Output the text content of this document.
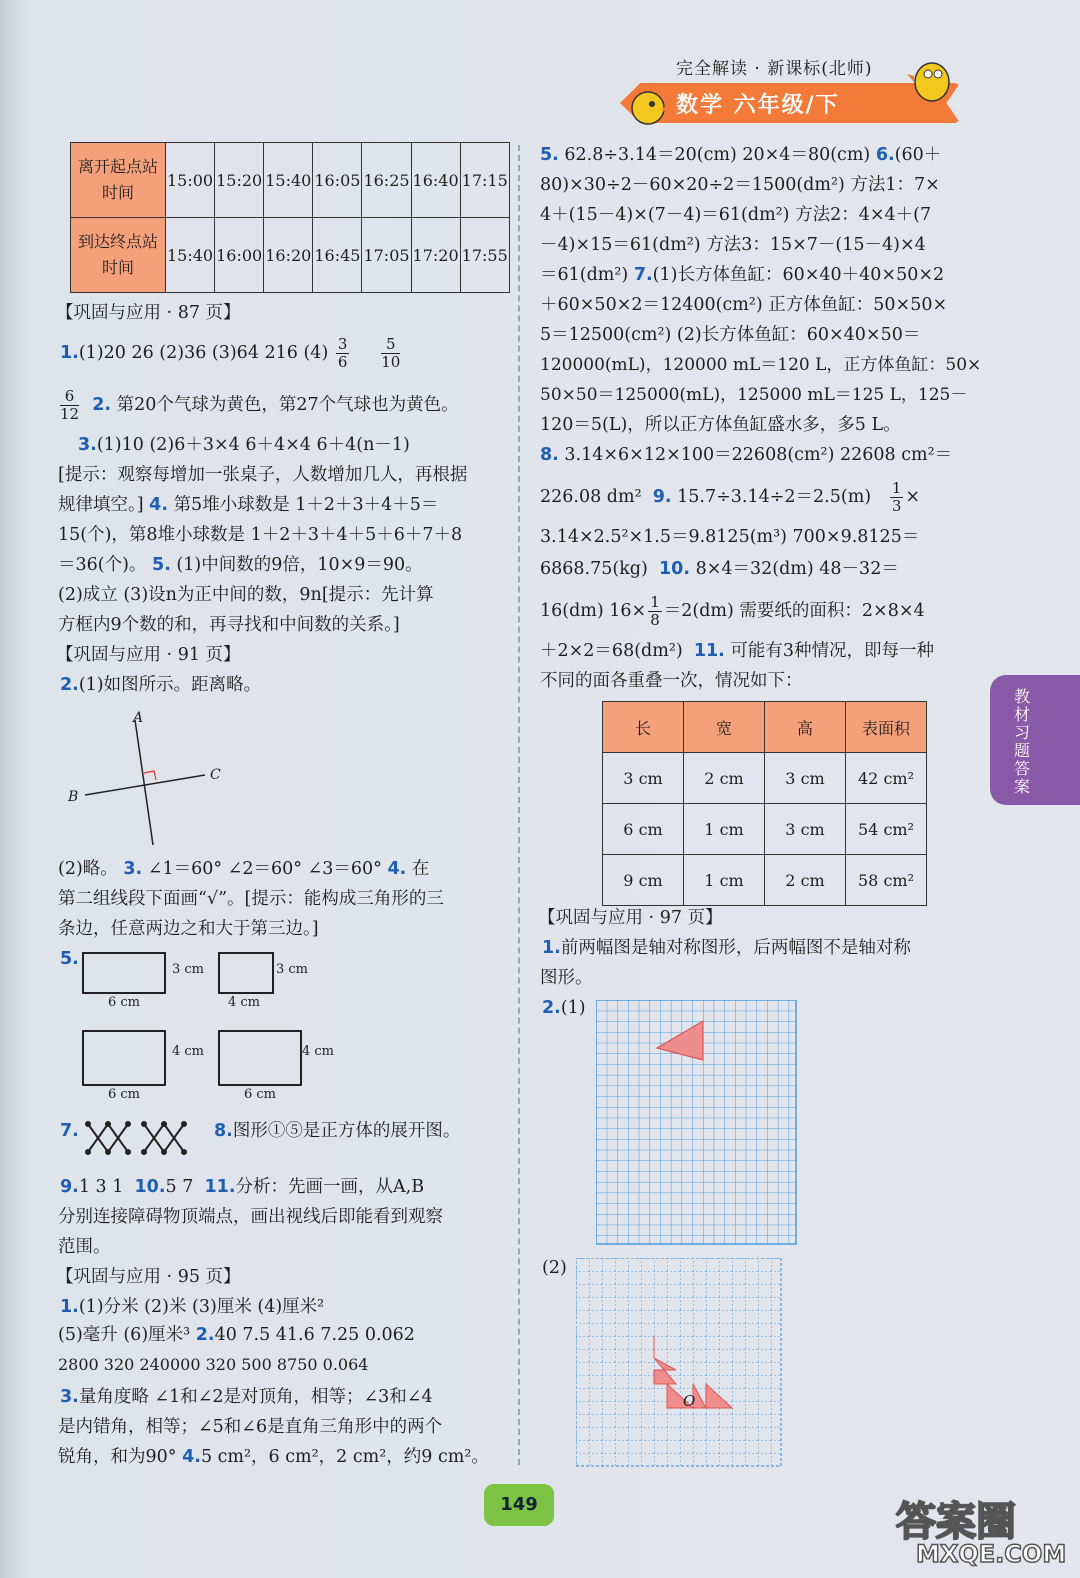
完全解读 · 新课标(北师)
数学 六年级/下
教材习题答案
离开起点站时间	15:00	15:20	15:40	16:05	16:25	16:40	17:15
到达终点站时间	15:40	16:00	16:20	16:45	17:05	17:20	17:55
【巩固与应用 · 87 页】
1.(1)20 26 (2)36 (3)64 216 $(4) \frac{3}{6}$
$\frac{5}{10}$
$\frac{6}{12} 2$. 第20个气球为黄色，第27个气球也为黄色。
3.(1)10 (2)6＋3×4 6＋4×4 6＋4(n－1)
[提示：观察每增加一张桌子，人数增加几人，再根据
规律填空。] 4. 第5堆小球数是 1＋2＋3＋4＋5＝
15(个)，第8堆小球数是 1＋2＋3＋4＋5＋6＋7＋8
＝36(个)。 5. (1)中间数的9倍，10×9＝90。
(2)成立 (3)设n为正中间的数，9n[提示：先计算
方框内9个数的和，再寻找和中间数的关系。]
【巩固与应用 · 91 页】
2.(1)如图所示。距离略。
A
B
C
(2)略。 3. ∠1＝60° ∠2＝60° ∠3＝60° 4. 在
第二组线段下面画“√”。[提示：能构成三角形的三
条边，任意两边之和大于第三边。]
5.
3 cm
6 cm
3 cm
4 cm
4 cm
6 cm
4 cm
6 cm
7.	8.图形①⑤是正方体的展开图。
9.1 3 1 10.5 7 11.分析：先画一画，从A,B
分别连接障碍物顶端点，画出视线后即能看到观察
范围。
【巩固与应用 · 95 页】
1.(1)分米 (2)米 (3)厘米 (4)厘米²
(5)毫升 (6)厘米³ 2.40 7.5 41.6 7.25 0.062
2800 320 240000 320 500 8750 0.064
3.量角度略 ∠1和∠2是对顶角，相等；∠3和∠4
是内错角，相等；∠5和∠6是直角三角形中的两个
锐角，和为90° 4.5 cm²，6 cm²，2 cm²，约9 cm²。
5. 62.8÷3.14＝20(cm) 20×4＝80(cm) 6.(60＋
80)×30÷2－60×20÷2＝1500(dm²) 方法1：7×
4＋(15－4)×(7－4)＝61(dm²) 方法2：4×4＋(7
－4)×15＝61(dm²) 方法3：15×7－(15－4)×4
＝61(dm²) 7.(1)长方体鱼缸：60×40＋40×50×2
＋60×50×2＝12400(cm²) 正方体鱼缸：50×50×
5＝12500(cm²) (2)长方体鱼缸：60×40×50＝
120000(mL)，120000 mL＝120 L，正方体鱼缸：50×
50×50＝125000(mL)，125000 mL＝125 L，125－
120＝5(L)，所以正方体鱼缸盛水多，多5 L。
8. 3.14×6×12×100＝22608(cm²) 22608 cm²＝
226.08 dm² 9. $15.7\div 3.14\div 2=2.5(m) \frac{1}{3}$ ×
3.14×2.5²×1.5＝9.8125(m³) 700×9.8125＝
6868.75(kg) 10. 8×4＝32(dm) 48－32＝
16(dm) $16\times \frac{1}{8} =2(dm)$ 需要纸的面积：2×8×4
＋2×2＝68(dm²) 11. 可能有3种情况，即每一种
不同的面各重叠一次，情况如下：
长	宽	高	表面积
3 cm	2 cm	3 cm	42 cm²
6 cm	1 cm	3 cm	54 cm²
9 cm	1 cm	2 cm	58 cm²
【巩固与应用 · 97 页】
1.前两幅图是轴对称图形，后两幅图不是轴对称
图形。
2.(1)
(2)
O
149	答案圈
MXQE.COM
